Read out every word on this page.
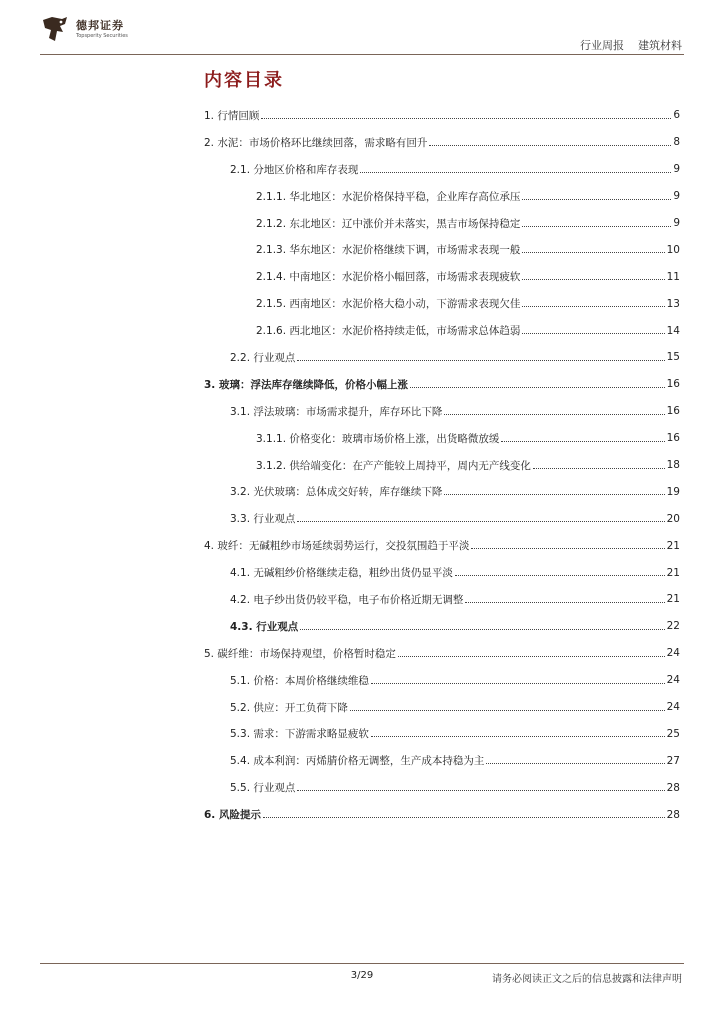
德邦证券
Topsperity Securities
行业周报 建筑材料
内容目录
1. 行情回顾	6
2. 水泥：市场价格环比继续回落，需求略有回升	8
2.1. 分地区价格和库存表现	9
2.1.1. 华北地区：水泥价格保持平稳，企业库存高位承压	9
2.1.2. 东北地区：辽中涨价并未落实，黑吉市场保持稳定	9
2.1.3. 华东地区：水泥价格继续下调，市场需求表现一般	10
2.1.4. 中南地区：水泥价格小幅回落，市场需求表现疲软	11
2.1.5. 西南地区：水泥价格大稳小动，下游需求表现欠佳	13
2.1.6. 西北地区：水泥价格持续走低，市场需求总体趋弱	14
2.2. 行业观点	15
3. 玻璃：浮法库存继续降低，价格小幅上涨	16
3.1. 浮法玻璃：市场需求提升，库存环比下降	16
3.1.1. 价格变化：玻璃市场价格上涨，出货略微放缓	16
3.1.2. 供给端变化：在产产能较上周持平，周内无产线变化	18
3.2. 光伏玻璃：总体成交好转，库存继续下降	19
3.3. 行业观点	20
4. 玻纤：无碱粗纱市场延续弱势运行，交投氛围趋于平淡	21
4.1. 无碱粗纱价格继续走稳，粗纱出货仍显平淡	21
4.2. 电子纱出货仍较平稳，电子布价格近期无调整	21
4.3. 行业观点	22
5. 碳纤维：市场保持观望，价格暂时稳定	24
5.1. 价格：本周价格继续维稳	24
5.2. 供应：开工负荷下降	24
5.3. 需求：下游需求略显疲软	25
5.4. 成本利润：丙烯腈价格无调整，生产成本持稳为主	27
5.5. 行业观点	28
6. 风险提示	28
3/29	请务必阅读正文之后的信息披露和法律声明
